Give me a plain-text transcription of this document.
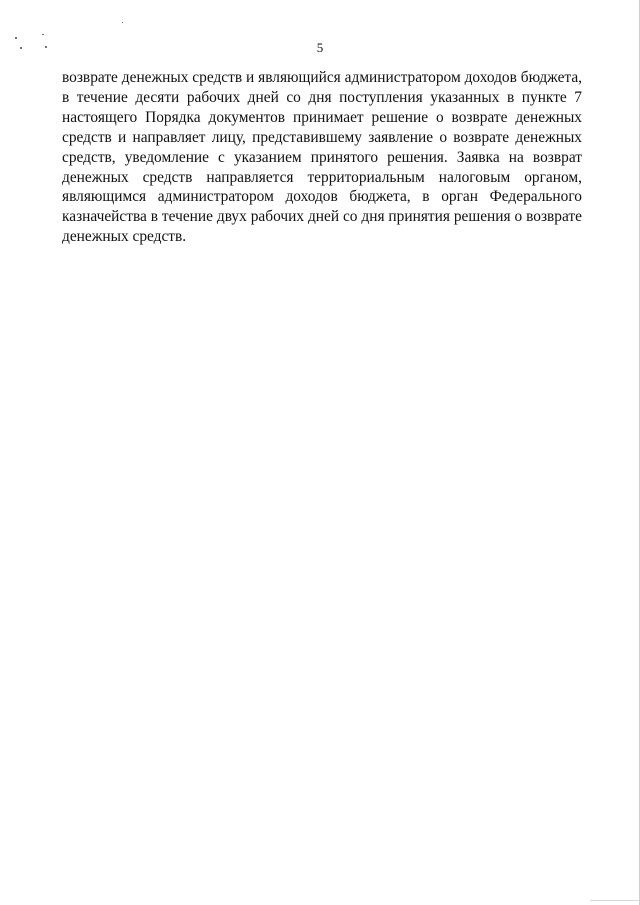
5
возврате денежных средств и являющийся администратором доходов бюджета,
в течение десяти рабочих дней со дня поступления указанных в пункте 7
настоящего Порядка документов принимает решение о возврате денежных
средств и направляет лицу, представившему заявление о возврате денежных
средств, уведомление с указанием принятого решения. Заявка на возврат
денежных средств направляется территориальным налоговым органом,
являющимся администратором доходов бюджета, в орган Федерального
казначейства в течение двух рабочих дней со дня принятия решения о возврате
денежных средств.
